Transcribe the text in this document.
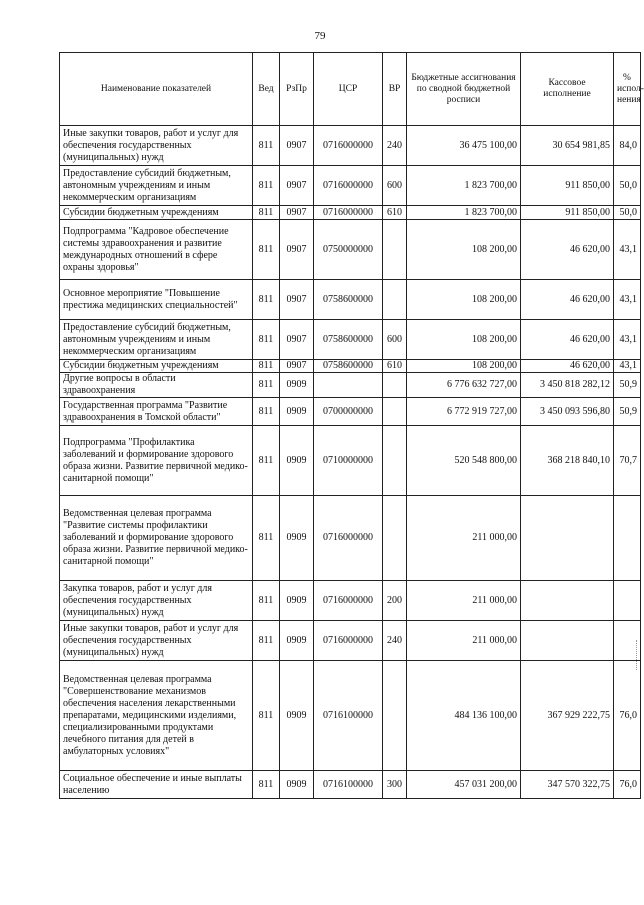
79
Наименование показателей	Вед	РзПр	ЦСР	ВР	Бюджетные ассигнования по сводной бюджетной росписи	Кассовое исполнение	% испол-нения
Иные закупки товаров, работ и услуг для обеспечения государственных (муниципальных) нужд	811	0907	0716000000	240	36 475 100,00	30 654 981,85	84,0
Предоставление субсидий бюджетным, автономным учреждениям и иным некоммерческим организациям	811	0907	0716000000	600	1 823 700,00	911 850,00	50,0
Субсидии бюджетным учреждениям	811	0907	0716000000	610	1 823 700,00	911 850,00	50,0
Подпрограмма "Кадровое обеспечение системы здравоохранения и развитие международных отношений в сфере охраны здоровья"	811	0907	0750000000		108 200,00	46 620,00	43,1
Основное мероприятие "Повышение престижа медицинских специальностей"	811	0907	0758600000		108 200,00	46 620,00	43,1
Предоставление субсидий бюджетным, автономным учреждениям и иным некоммерческим организациям	811	0907	0758600000	600	108 200,00	46 620,00	43,1
Субсидии бюджетным учреждениям	811	0907	0758600000	610	108 200,00	46 620,00	43,1
Другие вопросы в области здравоохранения	811	0909			6 776 632 727,00	3 450 818 282,12	50,9
Государственная программа "Развитие здравоохранения в Томской области"	811	0909	0700000000		6 772 919 727,00	3 450 093 596,80	50,9
Подпрограмма "Профилактика заболеваний и формирование здорового образа жизни. Развитие первичной медико-санитарной помощи"	811	0909	0710000000		520 548 800,00	368 218 840,10	70,7
Ведомственная целевая программа "Развитие системы профилактики заболеваний и формирование здорового образа жизни. Развитие первичной медико-санитарной помощи"	811	0909	0716000000		211 000,00		
Закупка товаров, работ и услуг для обеспечения государственных (муниципальных) нужд	811	0909	0716000000	200	211 000,00		
Иные закупки товаров, работ и услуг для обеспечения государственных (муниципальных) нужд	811	0909	0716000000	240	211 000,00		
Ведомственная целевая программа "Совершенствование механизмов обеспечения населения лекарственными препаратами, медицинскими изделиями, специализированными продуктами лечебного питания для детей в амбулаторных условиях"	811	0909	0716100000		484 136 100,00	367 929 222,75	76,0
Социальное обеспечение и иные выплаты населению	811	0909	0716100000	300	457 031 200,00	347 570 322,75	76,0
